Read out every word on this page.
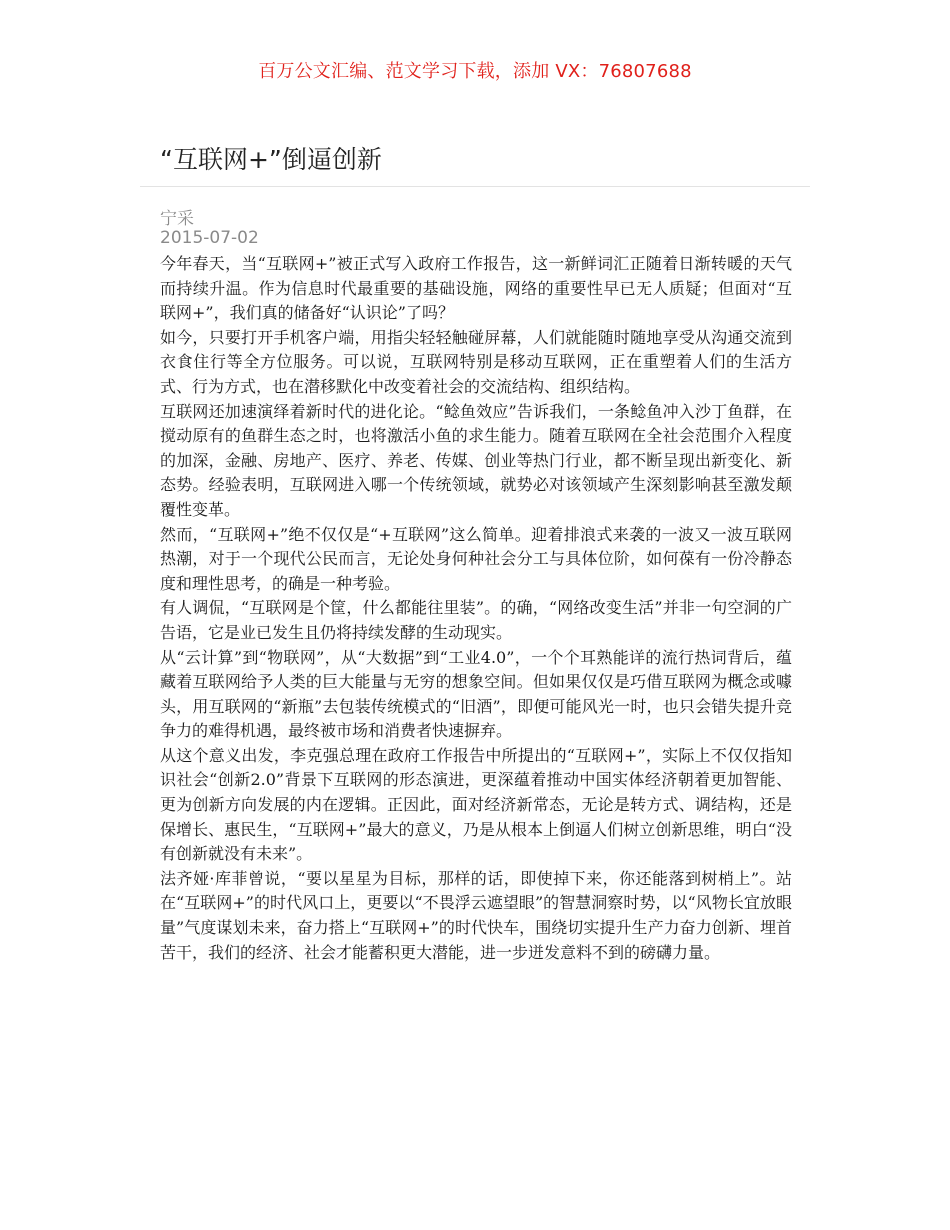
百万公文汇编、范文学习下载，添加 VX：76807688
“互联网+”倒逼创新
宁采
2015-07-02

今年春天，当“互联网+”被正式写入政府工作报告，这一新鲜词汇正随着日渐转暖的天气而持续升温。作为信息时代最重要的基础设施，网络的重要性早已无人质疑；但面对“互联网+”，我们真的储备好“认识论”了吗？

如今，只要打开手机客户端，用指尖轻轻触碰屏幕，人们就能随时随地享受从沟通交流到衣食住行等全方位服务。可以说，互联网特别是移动互联网，正在重塑着人们的生活方式、行为方式，也在潜移默化中改变着社会的交流结构、组织结构。

互联网还加速演绎着新时代的进化论。“鲶鱼效应”告诉我们，一条鲶鱼冲入沙丁鱼群，在搅动原有的鱼群生态之时，也将激活小鱼的求生能力。随着互联网在全社会范围介入程度的加深，金融、房地产、医疗、养老、传媒、创业等热门行业，都不断呈现出新变化、新态势。经验表明，互联网进入哪一个传统领域，就势必对该领域产生深刻影响甚至激发颠覆性变革。

然而，“互联网+”绝不仅仅是“+互联网”这么简单。迎着排浪式来袭的一波又一波互联网热潮，对于一个现代公民而言，无论处身何种社会分工与具体位阶，如何葆有一份冷静态度和理性思考，的确是一种考验。

有人调侃，“互联网是个筐，什么都能往里装”。的确，“网络改变生活”并非一句空洞的广告语，它是业已发生且仍将持续发酵的生动现实。

从“云计算”到“物联网”，从“大数据”到“工业4.0”，一个个耳熟能详的流行热词背后，蕴藏着互联网给予人类的巨大能量与无穷的想象空间。但如果仅仅是巧借互联网为概念或噱头，用互联网的“新瓶”去包装传统模式的“旧酒”，即便可能风光一时，也只会错失提升竞争力的难得机遇，最终被市场和消费者快速摒弃。

从这个意义出发，李克强总理在政府工作报告中所提出的“互联网+”，实际上不仅仅指知识社会“创新2.0”背景下互联网的形态演进，更深蕴着推动中国实体经济朝着更加智能、更为创新方向发展的内在逻辑。正因此，面对经济新常态，无论是转方式、调结构，还是保增长、惠民生，“互联网+”最大的意义，乃是从根本上倒逼人们树立创新思维，明白“没有创新就没有未来”。

法齐娅·库菲曾说，“要以星星为目标，那样的话，即使掉下来，你还能落到树梢上”。站在“互联网+”的时代风口上，更要以“不畏浮云遮望眼”的智慧洞察时势，以“风物长宜放眼量”气度谋划未来，奋力搭上“互联网+”的时代快车，围绕切实提升生产力奋力创新、埋首苦干，我们的经济、社会才能蓄积更大潜能，进一步迸发意料不到的磅礴力量。
